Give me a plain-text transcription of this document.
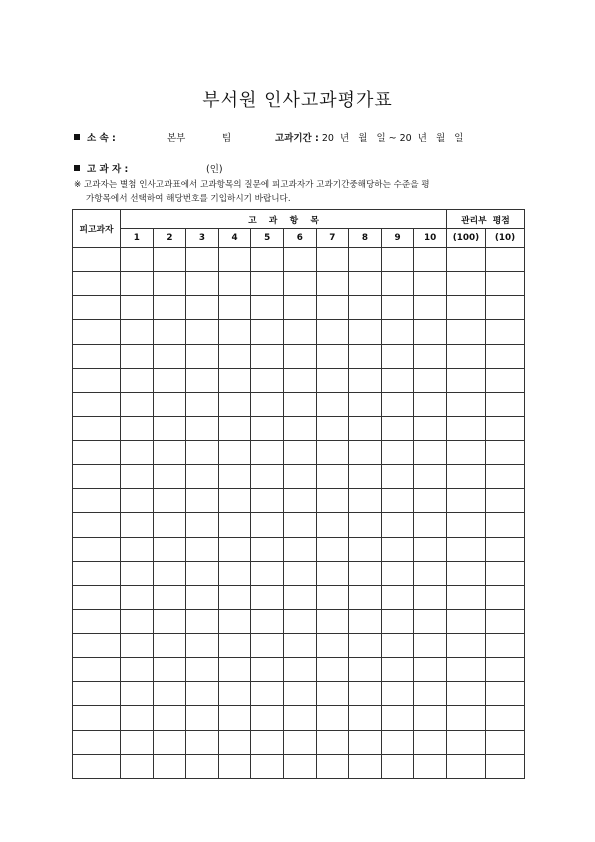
부서원 인사고과평가표
소 속 :	본부	팀	고과기간 : 20  년   월   일 ~ 20  년   월   일
고 과 자 :	(인)
※ 고과자는 별첨 인사고과표에서 고과항목의 질문에 피고과자가 고과기간중해당하는 수준을 평
가항목에서 선택하여 해당번호를 기입하시기 바랍니다.
피고과자	고    과    항    목										관리부  평점	
	1	2	3	4	5	6	7	8	9	10	(100)	(10)
